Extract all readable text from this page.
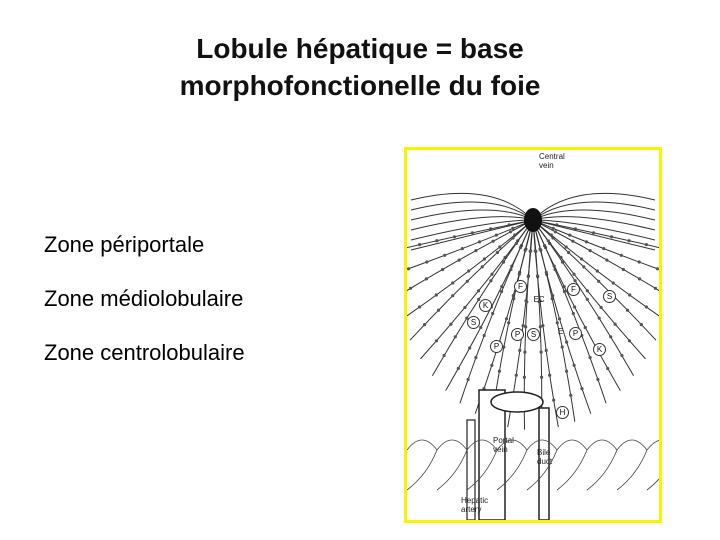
Lobule hépatique = base
morphofonctionelle du foie
Zone périportale
Zone médiolobulaire
Zone centrolobulaire
Central vein
Portal vein	Bile duct
Hepatic artery
F	F
S
K
EC
S
P	S	E	P
P	K
H
